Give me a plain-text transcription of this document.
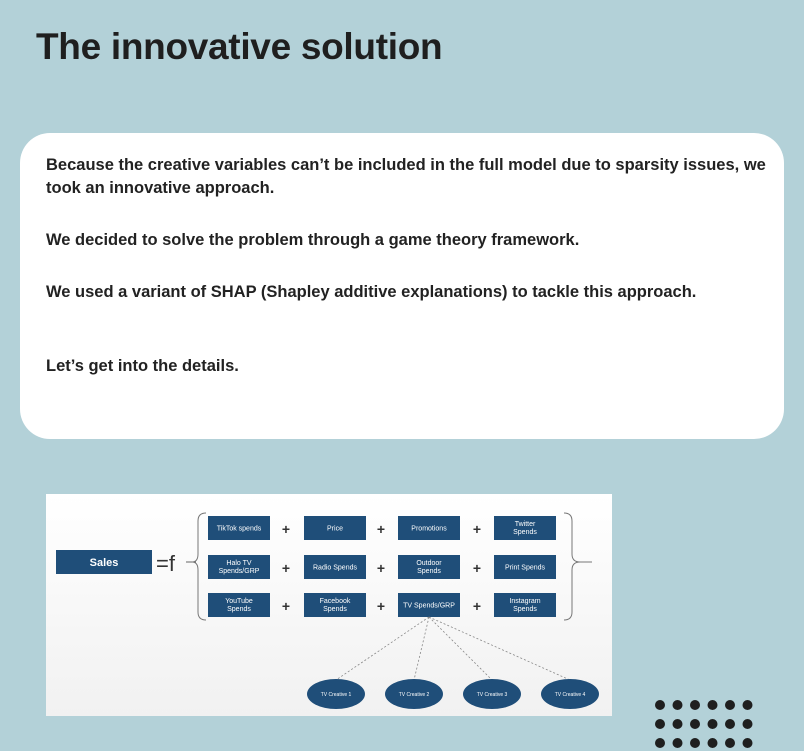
The innovative solution
Because the creative variables can’t be included in the full model due to sparsity issues, we took an innovative approach.
We decided to solve the problem through a game theory framework.
We used a variant of SHAP (Shapley additive explanations) to tackle this approach.
Let’s get into the details.
Sales =f
TikTok spends	Price	Promotions
Twitter Spends
+	+	+
Halo TV Spends/GRP	Radio Spends
Outdoor Spends	Print Spends
+	+	+
YouTube Spends
Facebook Spends	TV Spends/GRP
Instagram Spends
+	+	+
TV Creative 1	TV Creative 2	TV Creative 3	TV Creative 4
